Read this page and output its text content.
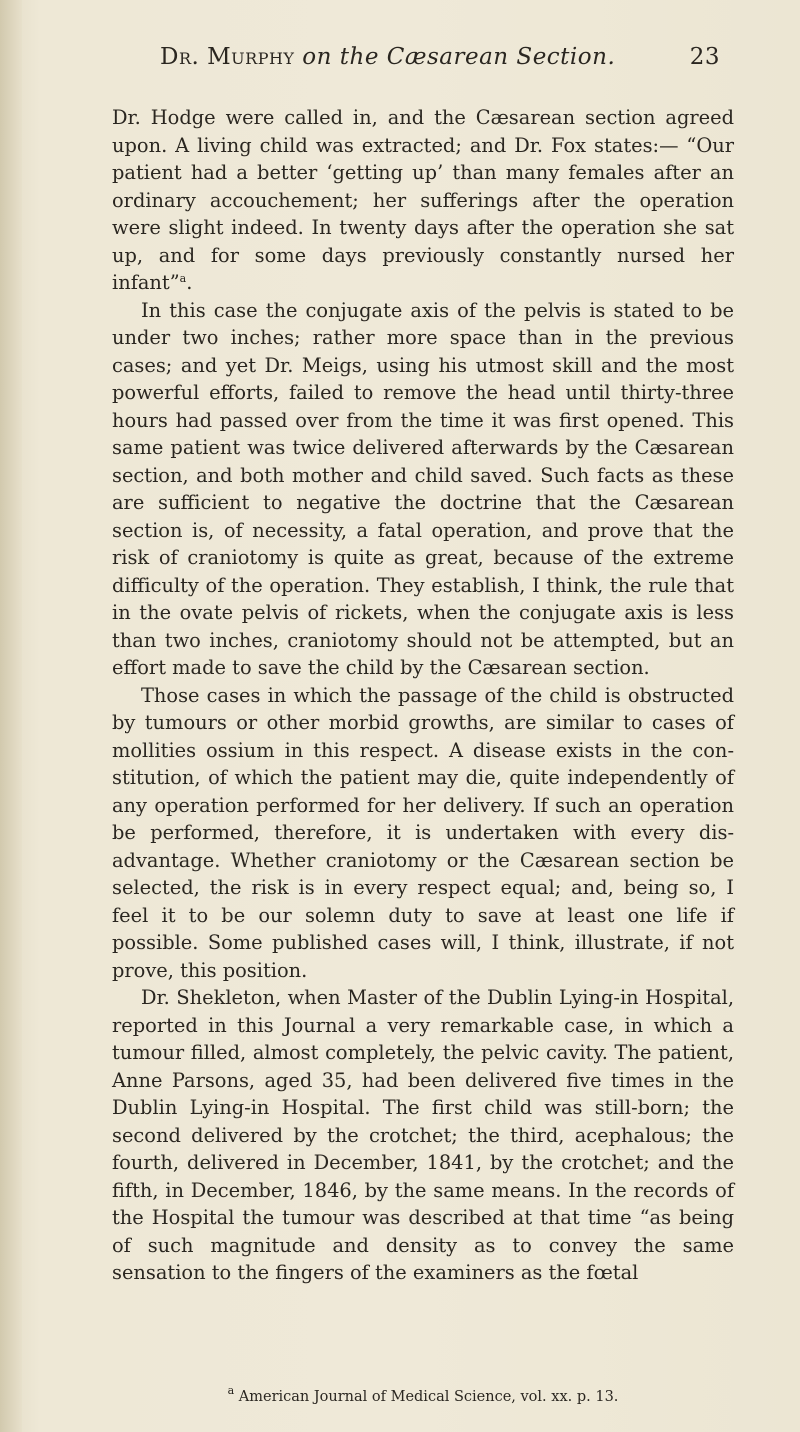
Dr. Murphy on the Cæsarean Section.	23

Dr. Hodge were called in, and the Cæsarean section agreed upon. A living child was extracted; and Dr. Fox states:— “Our patient had a better ‘getting up’ than many females after an ordinary accouchement; her sufferings after the operation were slight indeed. In twenty days after the operation she sat up, and for some days previously constantly nursed her infant”$^a$.

In this case the conjugate axis of the pelvis is stated to be under two inches; rather more space than in the previous cases; and yet Dr. Meigs, using his utmost skill and the most powerful efforts, failed to remove the head until thirty-three hours had passed over from the time it was first opened. This same patient was twice delivered afterwards by the Cæsarean section, and both mother and child saved. Such facts as these are sufficient to negative the doctrine that the Cæsarean section is, of necessity, a fatal operation, and prove that the risk of craniotomy is quite as great, because of the extreme difficulty of the operation. They establish, I think, the rule that in the ovate pelvis of rickets, when the conjugate axis is less than two inches, craniotomy should not be attempted, but an effort made to save the child by the Cæsarean section.

Those cases in which the passage of the child is obstructed by tumours or other morbid growths, are similar to cases of mollities ossium in this respect. A disease exists in the constitution, of which the patient may die, quite independently of any operation performed for her delivery. If such an operation be performed, therefore, it is undertaken with every disadvantage. Whether craniotomy or the Cæsarean section be selected, the risk is in every respect equal; and, being so, I feel it to be our solemn duty to save at least one life if possible. Some published cases will, I think, illustrate, if not prove, this position.

Dr. Shekleton, when Master of the Dublin Lying-in Hospital, reported in this Journal a very remarkable case, in which a tumour filled, almost completely, the pelvic cavity. The patient, Anne Parsons, aged 35, had been delivered five times in the Dublin Lying-in Hospital. The first child was still-born; the second delivered by the crotchet; the third, acephalous; the fourth, delivered in December, 1841, by the crotchet; and the fifth, in December, 1846, by the same means. In the records of the Hospital the tumour was described at that time “as being of such magnitude and density as to convey the same sensation to the fingers of the examiners as the fœtal

$^a$ American Journal of Medical Science, vol. xx. p. 13.
